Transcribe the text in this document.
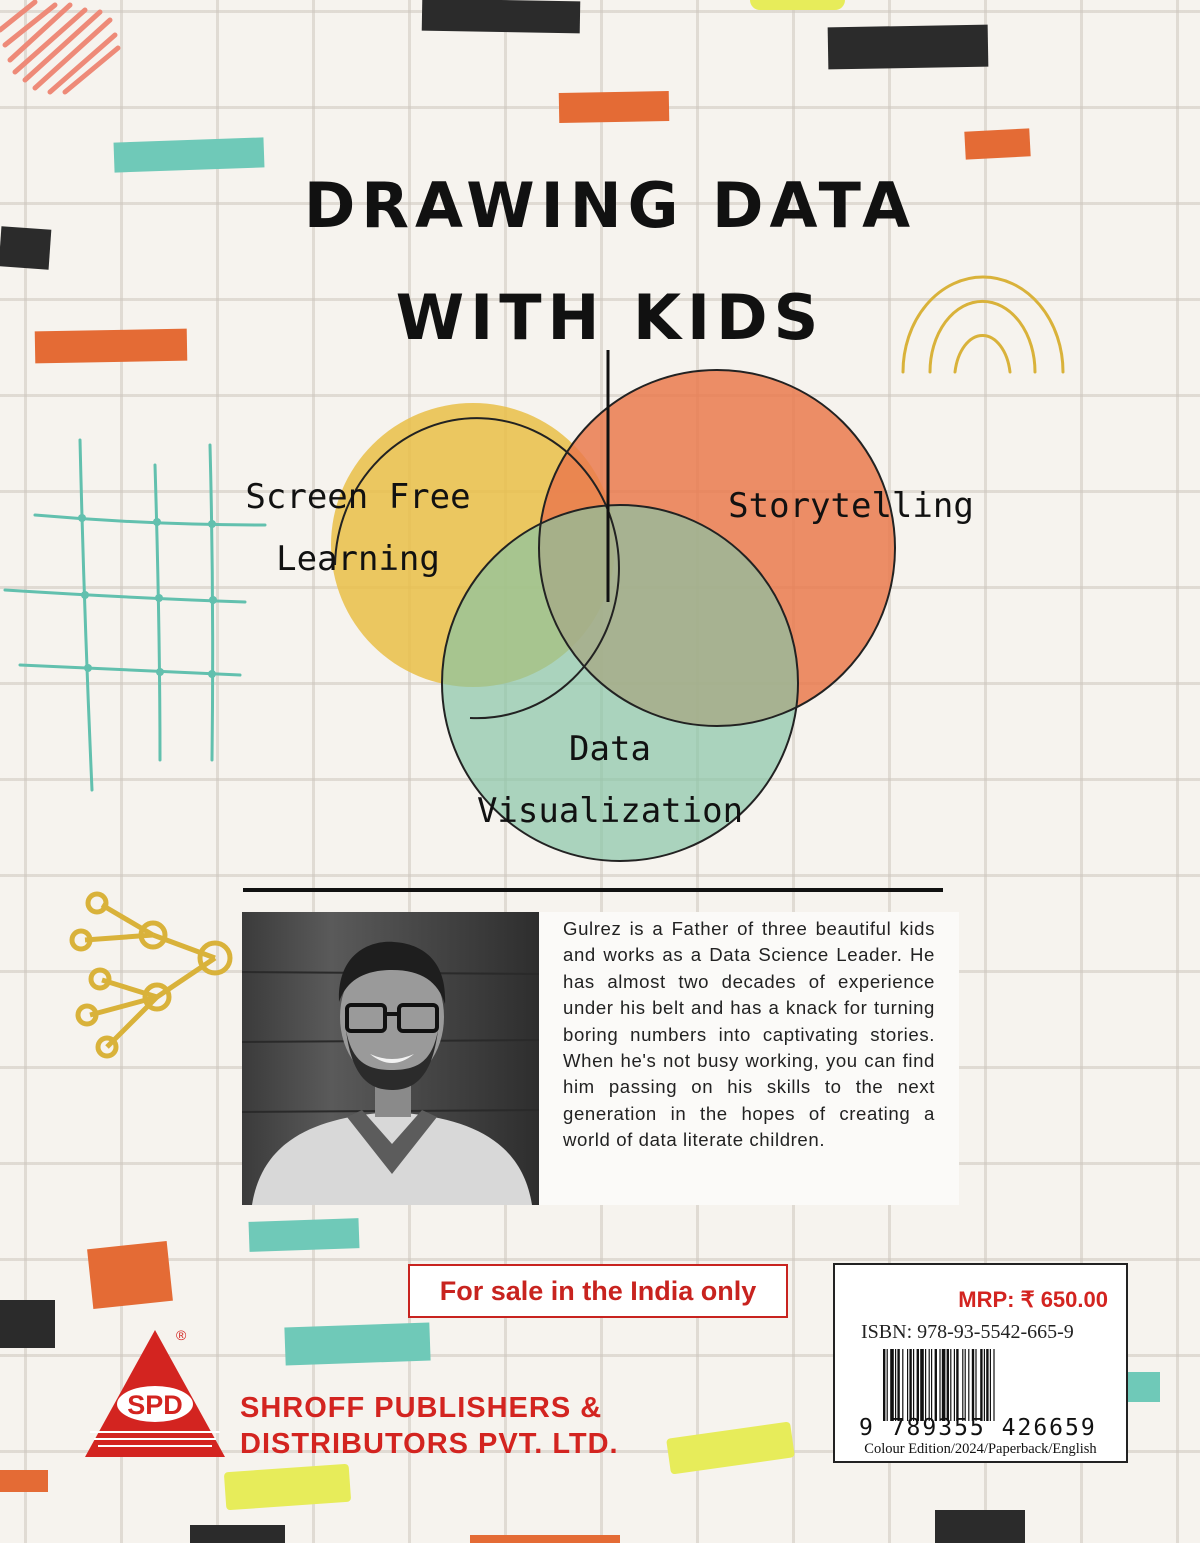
DRAWING DATA
WITH KIDS

Screen Free
Learning

Storytelling

Data
Visualization

Gulrez is a Father of three beautiful kids and works as a Data Science Leader. He has almost two decades of experience under his belt and has a knack for turning boring numbers into captivating stories. When he's not busy working, you can find him passing on his skills to the next generation in the hopes of creating a world of data literate children.

For sale in the India only	MRP: ₹ 650.00

ISBN: 978-93-5542-665-9

9 789355 426659

Colour Edition/2024/Paperback/English

SPD
®

SHROFF PUBLISHERS &

DISTRIBUTORS PVT. LTD.
